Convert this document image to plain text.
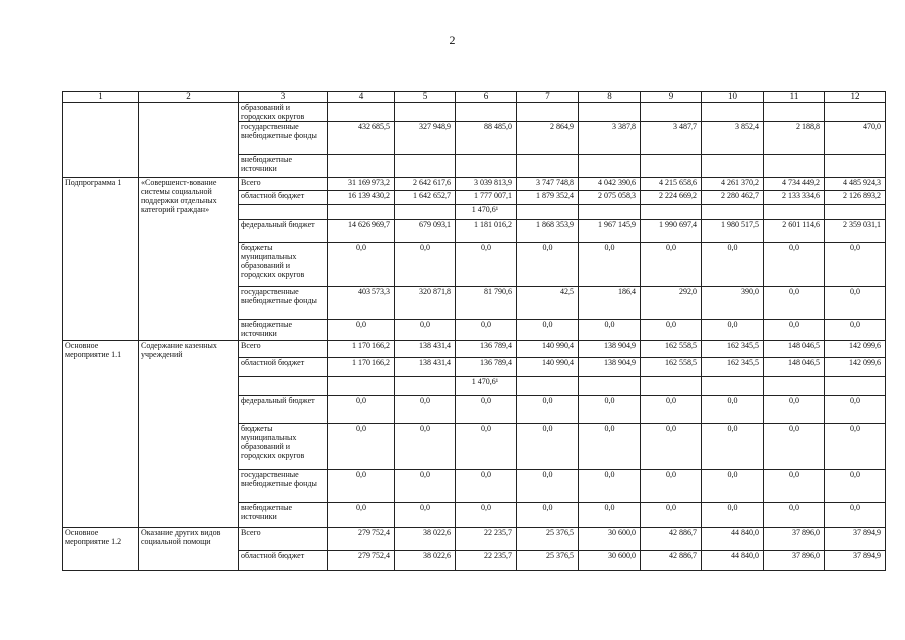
2
1	2	3	4	5	6	7	8	9	10	11	12
		образований и городских округов									
		государственные внебюджетные фонды	432 685,5	327 948,9	88 485,0	2 864,9	3 387,8	3 487,7	3 852,4	2 188,8	470,0
		внебюджетные источники									
Подпрограмма 1	«Совершенст-вование системы социальной поддержки отдельных категорий граждан»	Всего	31 169 973,2	2 642 617,6	3 039 813,9	3 747 748,8	4 042 390,6	4 215 658,6	4 261 370,2	4 734 449,2	4 485 924,3
		областной бюджет	16 139 430,2	1 642 652,7	1 777 007,1	1 879 352,4	2 075 058,3	2 224 669,2	2 280 462,7	2 133 334,6	2 126 893,2
					1 470,6¹						
		федеральный бюджет	14 626 969,7	679 093,1	1 181 016,2	1 868 353,9	1 967 145,9	1 990 697,4	1 980 517,5	2 601 114,6	2 359 031,1
		бюджеты муниципальных образований и городских округов	0,0	0,0	0,0	0,0	0,0	0,0	0,0	0,0	0,0
		государственные внебюджетные фонды	403 573,3	320 871,8	81 790,6	42,5	186,4	292,0	390,0	0,0	0,0
		внебюджетные источники	0,0	0,0	0,0	0,0	0,0	0,0	0,0	0,0	0,0
Основное мероприятие 1.1	Содержание казенных учреждений	Всего	1 170 166,2	138 431,4	136 789,4	140 990,4	138 904,9	162 558,5	162 345,5	148 046,5	142 099,6
		областной бюджет	1 170 166,2	138 431,4	136 789,4	140 990,4	138 904,9	162 558,5	162 345,5	148 046,5	142 099,6
					1 470,6¹						
		федеральный бюджет	0,0	0,0	0,0	0,0	0,0	0,0	0,0	0,0	0,0
		бюджеты муниципальных образований и городских округов	0,0	0,0	0,0	0,0	0,0	0,0	0,0	0,0	0,0
		государственные внебюджетные фонды	0,0	0,0	0,0	0,0	0,0	0,0	0,0	0,0	0,0
		внебюджетные источники	0,0	0,0	0,0	0,0	0,0	0,0	0,0	0,0	0,0
Основное мероприятие 1.2	Оказание других видов социальной помощи	Всего	279 752,4	38 022,6	22 235,7	25 376,5	30 600,0	42 886,7	44 840,0	37 896,0	37 894,9
		областной бюджет	279 752,4	38 022,6	22 235,7	25 376,5	30 600,0	42 886,7	44 840,0	37 896,0	37 894,9
